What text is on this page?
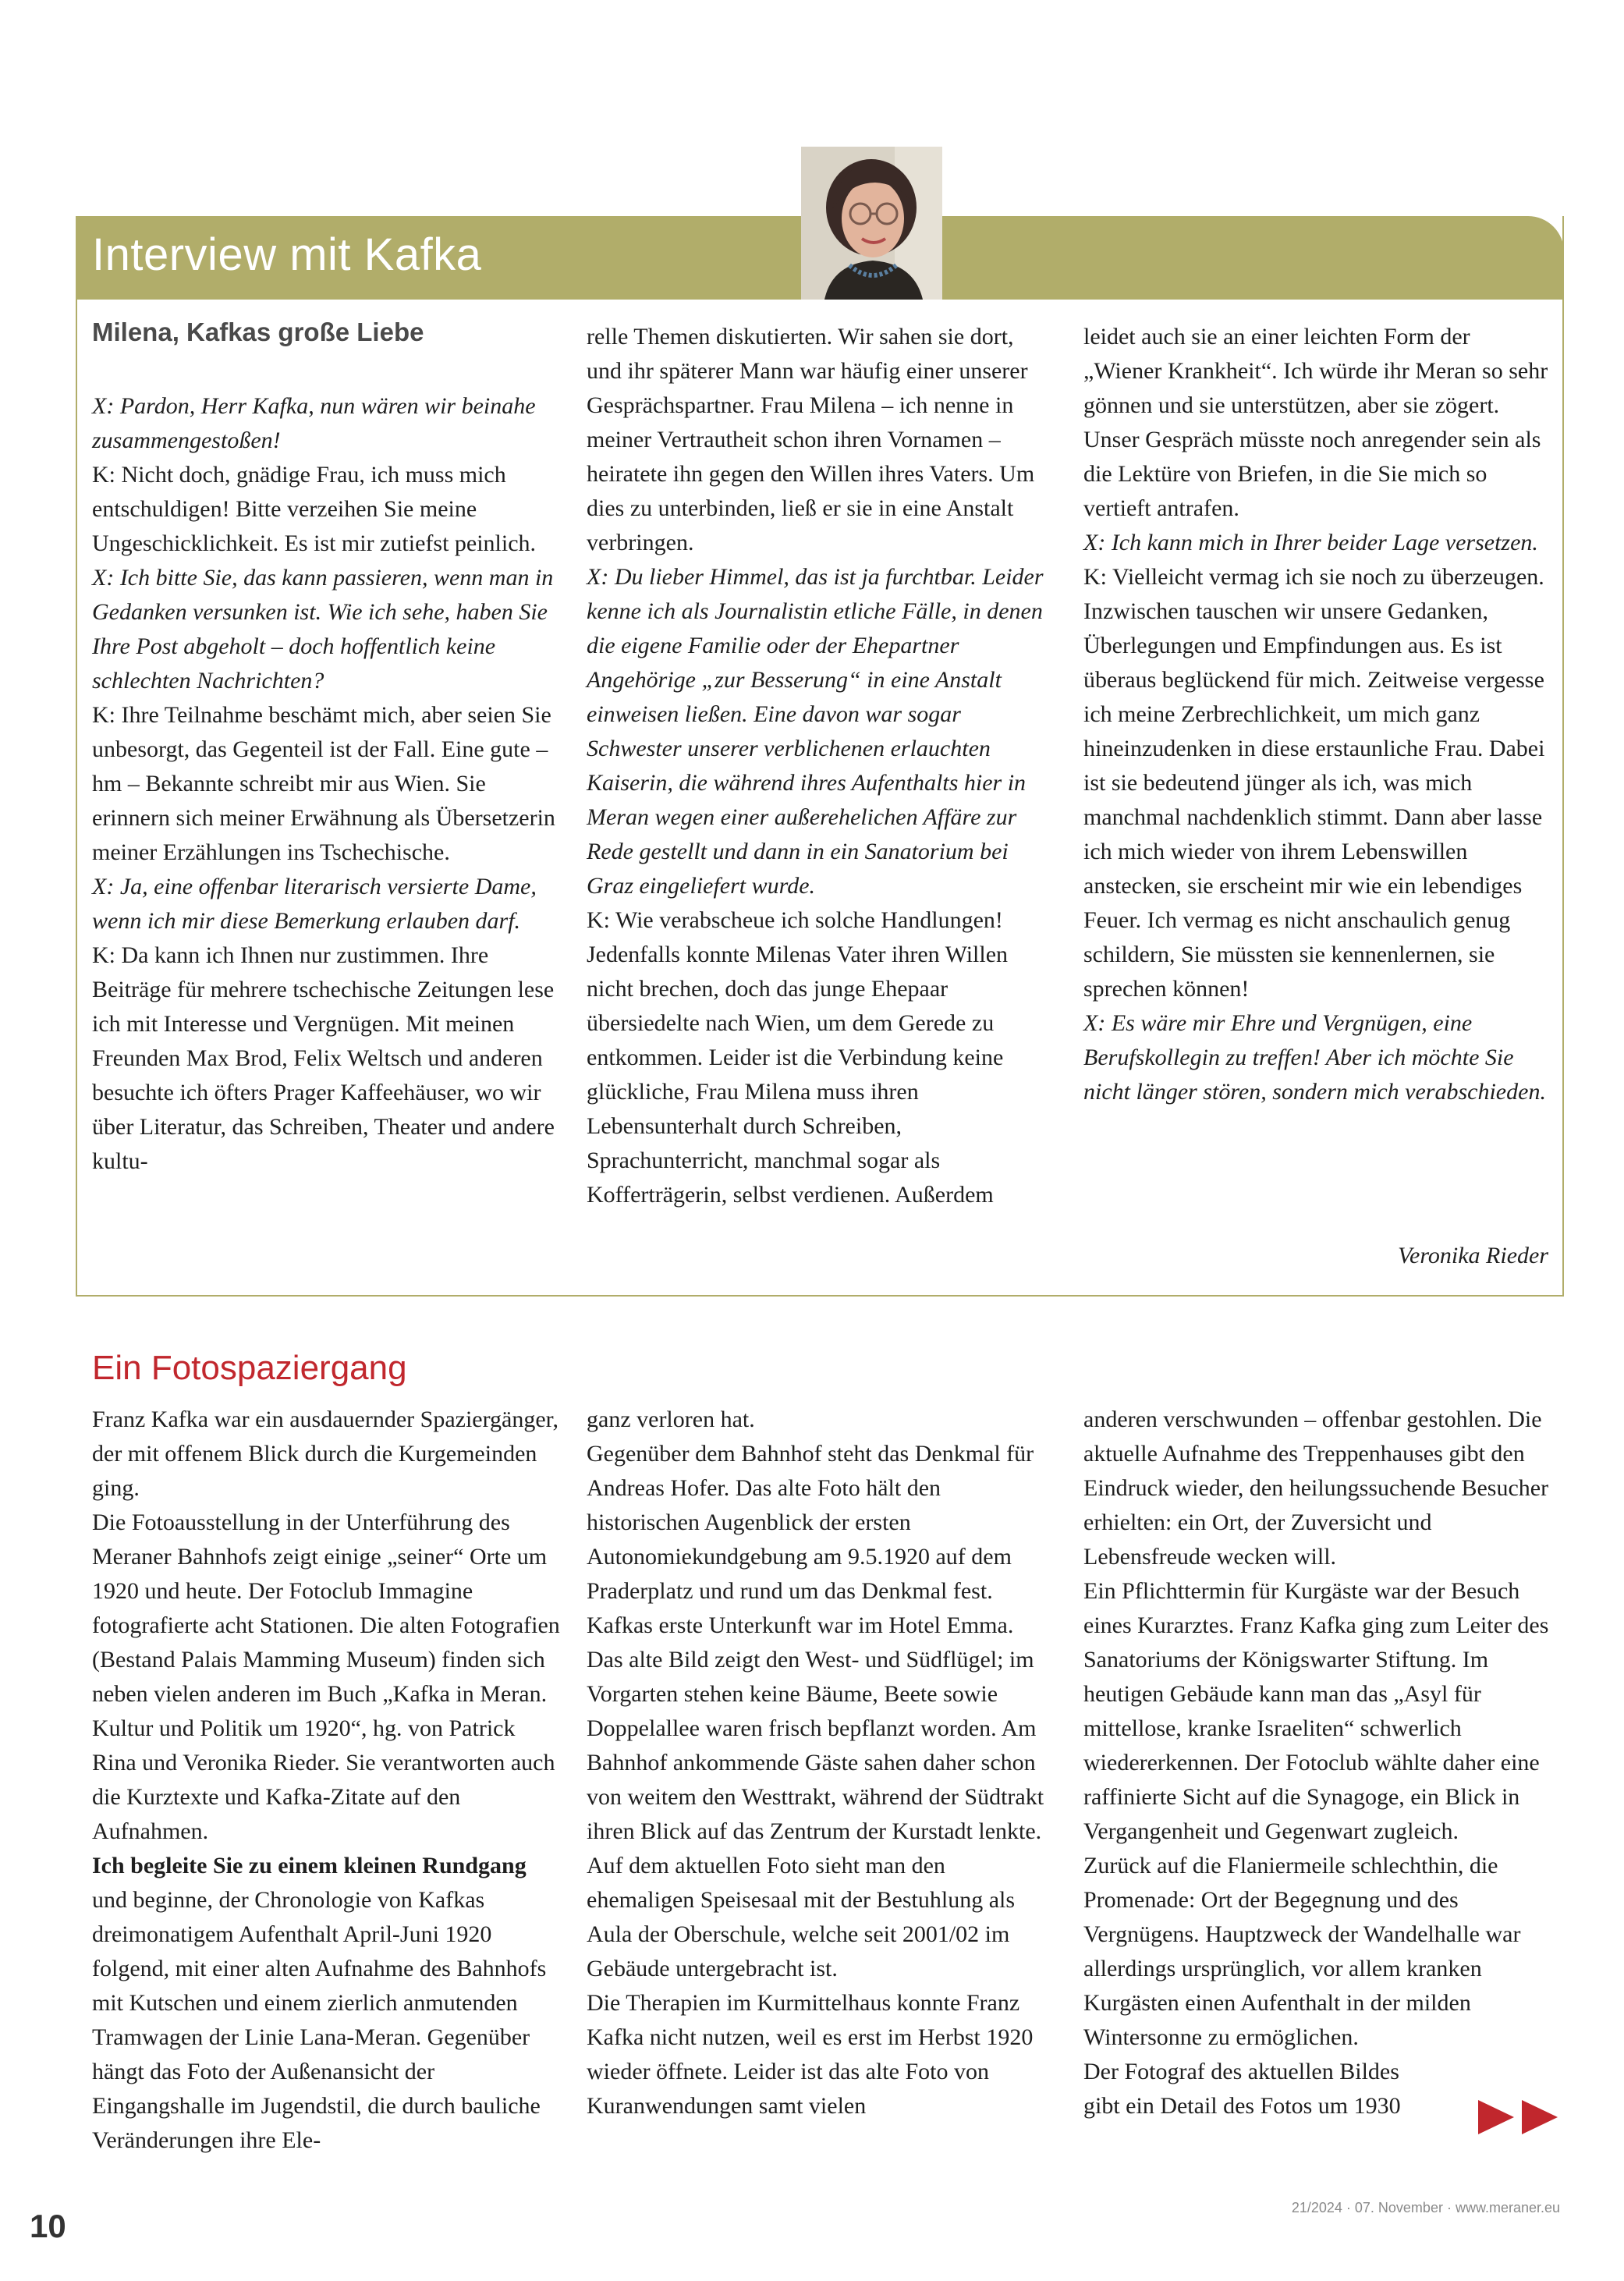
Interview mit Kafka
Milena, Kafkas große Liebe

X: Pardon, Herr Kafka, nun wären wir beinahe zusammengestoßen!

K: Nicht doch, gnädige Frau, ich muss mich entschuldigen! Bitte verzeihen Sie meine Ungeschicklichkeit. Es ist mir zutiefst peinlich.

X: Ich bitte Sie, das kann passieren, wenn man in Gedanken versunken ist. Wie ich sehe, haben Sie Ihre Post abgeholt – doch hoffentlich keine schlechten Nachrichten?

K: Ihre Teilnahme beschämt mich, aber seien Sie unbesorgt, das Gegenteil ist der Fall. Eine gute – hm – Bekannte schreibt mir aus Wien. Sie erinnern sich meiner Erwähnung als Übersetzerin meiner Erzählungen ins Tschechische.

X: Ja, eine offenbar literarisch versierte Dame, wenn ich mir diese Bemerkung erlauben darf.

K: Da kann ich Ihnen nur zustimmen. Ihre Beiträge für mehrere tschechische Zeitungen lese ich mit Interesse und Vergnügen. Mit meinen Freunden Max Brod, Felix Weltsch und anderen besuchte ich öfters Prager Kaffeehäuser, wo wir über Literatur, das Schreiben, Theater und andere kultu-

relle Themen diskutierten. Wir sahen sie dort, und ihr späterer Mann war häufig einer unserer Gesprächspartner. Frau Milena – ich nenne in meiner Vertrautheit schon ihren Vornamen – heiratete ihn gegen den Willen ihres Vaters. Um dies zu unterbinden, ließ er sie in eine Anstalt verbringen.

X: Du lieber Himmel, das ist ja furchtbar. Leider kenne ich als Journalistin etliche Fälle, in denen die eigene Familie oder der Ehepartner Angehörige „zur Besserung“ in eine Anstalt einweisen ließen. Eine davon war sogar Schwester unserer verblichenen erlauchten Kaiserin, die während ihres Aufenthalts hier in Meran wegen einer außerehelichen Affäre zur Rede gestellt und dann in ein Sanatorium bei Graz eingeliefert wurde.

K: Wie verabscheue ich solche Handlungen! Jedenfalls konnte Milenas Vater ihren Willen nicht brechen, doch das junge Ehepaar übersiedelte nach Wien, um dem Gerede zu entkommen. Leider ist die Verbindung keine glückliche, Frau Milena muss ihren Lebensunterhalt durch Schreiben, Sprachunterricht, manchmal sogar als Kofferträgerin, selbst verdienen. Außerdem

leidet auch sie an einer leichten Form der „Wiener Krankheit“. Ich würde ihr Meran so sehr gönnen und sie unterstützen, aber sie zögert. Unser Gespräch müsste noch anregender sein als die Lektüre von Briefen, in die Sie mich so vertieft antrafen.

X: Ich kann mich in Ihrer beider Lage versetzen.

K: Vielleicht vermag ich sie noch zu überzeugen. Inzwischen tauschen wir unsere Gedanken, Überlegungen und Empfindungen aus. Es ist überaus beglückend für mich. Zeitweise vergesse ich meine Zerbrechlichkeit, um mich ganz hineinzudenken in diese erstaunliche Frau. Dabei ist sie bedeutend jünger als ich, was mich manchmal nachdenklich stimmt. Dann aber lasse ich mich wieder von ihrem Lebenswillen anstecken, sie erscheint mir wie ein lebendiges Feuer. Ich vermag es nicht anschaulich genug schildern, Sie müssten sie kennenlernen, sie sprechen können!

X: Es wäre mir Ehre und Vergnügen, eine Berufskollegin zu treffen! Aber ich möchte Sie nicht länger stören, sondern mich verabschieden.

Veronika Rieder
Ein Fotospaziergang

Franz Kafka war ein ausdauernder Spaziergänger, der mit offenem Blick durch die Kurgemeinden ging.

Die Fotoausstellung in der Unterführung des Meraner Bahnhofs zeigt einige „seiner“ Orte um 1920 und heute. Der Fotoclub Immagine fotografierte acht Stationen. Die alten Fotografien (Bestand Palais Mamming Museum) finden sich neben vielen anderen im Buch „Kafka in Meran. Kultur und Politik um 1920“, hg. von Patrick Rina und Veronika Rieder. Sie verantworten auch die Kurztexte und Kafka-Zitate auf den Aufnahmen.

Ich begleite Sie zu einem kleinen Rundgang und beginne, der Chronologie von Kafkas dreimonatigem Aufenthalt April-Juni 1920 folgend, mit einer alten Aufnahme des Bahnhofs mit Kutschen und einem zierlich anmutenden Tramwagen der Linie Lana-Meran. Gegenüber hängt das Foto der Außenansicht der Eingangshalle im Jugendstil, die durch bauliche Veränderungen ihre Ele-

ganz verloren hat.

Gegenüber dem Bahnhof steht das Denkmal für Andreas Hofer. Das alte Foto hält den historischen Augenblick der ersten Autonomiekundgebung am 9.5.1920 auf dem Praderplatz und rund um das Denkmal fest.

Kafkas erste Unterkunft war im Hotel Emma. Das alte Bild zeigt den West- und Südflügel; im Vorgarten stehen keine Bäume, Beete sowie Doppelallee waren frisch bepflanzt worden. Am Bahnhof ankommende Gäste sahen daher schon von weitem den Westtrakt, während der Südtrakt ihren Blick auf das Zentrum der Kurstadt lenkte. Auf dem aktuellen Foto sieht man den ehemaligen Speisesaal mit der Bestuhlung als Aula der Oberschule, welche seit 2001/02 im Gebäude untergebracht ist.

Die Therapien im Kurmittelhaus konnte Franz Kafka nicht nutzen, weil es erst im Herbst 1920 wieder öffnete. Leider ist das alte Foto von Kuranwendungen samt vielen

anderen verschwunden – offenbar gestohlen. Die aktuelle Aufnahme des Treppenhauses gibt den Eindruck wieder, den heilungssuchende Besucher erhielten: ein Ort, der Zuversicht und Lebensfreude wecken will.

Ein Pflichttermin für Kurgäste war der Besuch eines Kurarztes. Franz Kafka ging zum Leiter des Sanatoriums der Königswarter Stiftung. Im heutigen Gebäude kann man das „Asyl für mittellose, kranke Israeliten“ schwerlich wiedererkennen. Der Fotoclub wählte daher eine raffinierte Sicht auf die Synagoge, ein Blick in Vergangenheit und Gegenwart zugleich.

Zurück auf die Flaniermeile schlechthin, die Promenade: Ort der Begegnung und des Vergnügens. Hauptzweck der Wandelhalle war allerdings ursprünglich, vor allem kranken Kurgästen einen Aufenthalt in der milden Wintersonne zu ermöglichen.

Der Fotograf des aktuellen Bildes

gibt ein Detail des Fotos um 1930

10	21/2024 · 07. November · www.meraner.eu
